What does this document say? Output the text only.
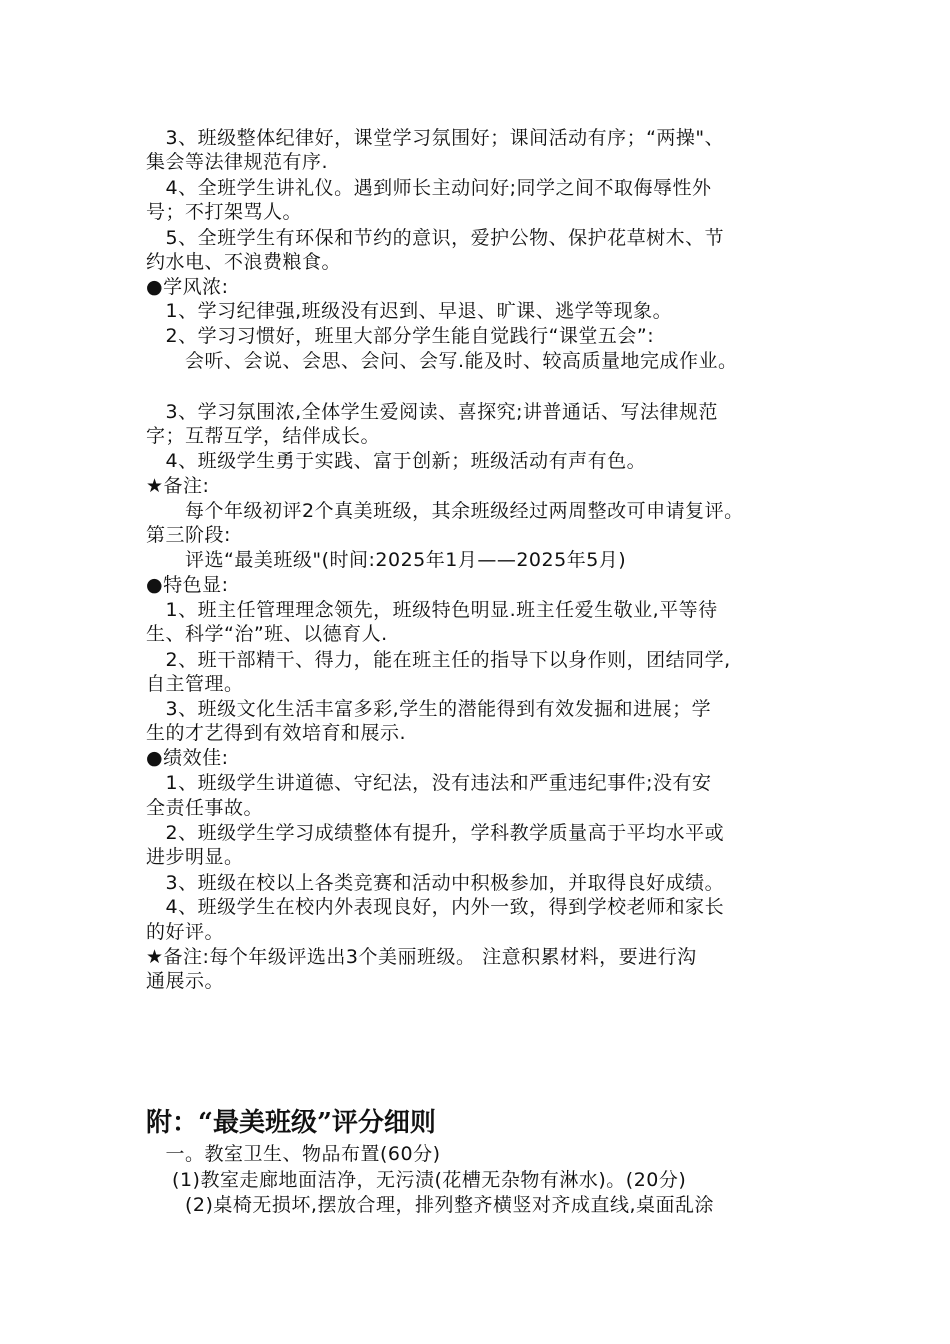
　3、班级整体纪律好，课堂学习氛围好；课间活动有序；“两操"、
集会等法律规范有序.
　4、全班学生讲礼仪。遇到师长主动问好;同学之间不取侮辱性外
号；不打架骂人。
　5、全班学生有环保和节约的意识，爱护公物、保护花草树木、节
约水电、不浪费粮食。
●学风浓:
　1、学习纪律强,班级没有迟到、早退、旷课、逃学等现象。
　2、学习习惯好，班里大部分学生能自觉践行“课堂五会”:
　　会听、会说、会思、会问、会写.能及时、较高质量地完成作业。
　3、学习氛围浓,全体学生爱阅读、喜探究;讲普通话、写法律规范
字；互帮互学，结伴成长。
　4、班级学生勇于实践、富于创新；班级活动有声有色。
★备注:
　　每个年级初评2个真美班级，其余班级经过两周整改可申请复评。
第三阶段:
　　评选“最美班级"(时间:2025年1月——2025年5月)
●特色显:
　1、班主任管理理念领先，班级特色明显.班主任爱生敬业,平等待
生、科学“治”班、以德育人.
　2、班干部精干、得力，能在班主任的指导下以身作则，团结同学,
自主管理。
　3、班级文化生活丰富多彩,学生的潜能得到有效发掘和进展；学
生的才艺得到有效培育和展示.
●绩效佳:
　1、班级学生讲道德、守纪法，没有违法和严重违纪事件;没有安
全责任事故。
　2、班级学生学习成绩整体有提升，学科教学质量高于平均水平或
进步明显。
　3、班级在校以上各类竞赛和活动中积极参加，并取得良好成绩。
　4、班级学生在校内外表现良好，内外一致，得到学校老师和家长
的好评。
★备注:每个年级评选出3个美丽班级。 注意积累材料，要进行沟
通展示。
附：“最美班级”评分细则
　一。教室卫生、物品布置(60分)
　 (1)教室走廊地面洁净，无污渍(花槽无杂物有淋水)。(20分)
　　(2)桌椅无损坏,摆放合理，排列整齐横竖对齐成直线,桌面乱涂
